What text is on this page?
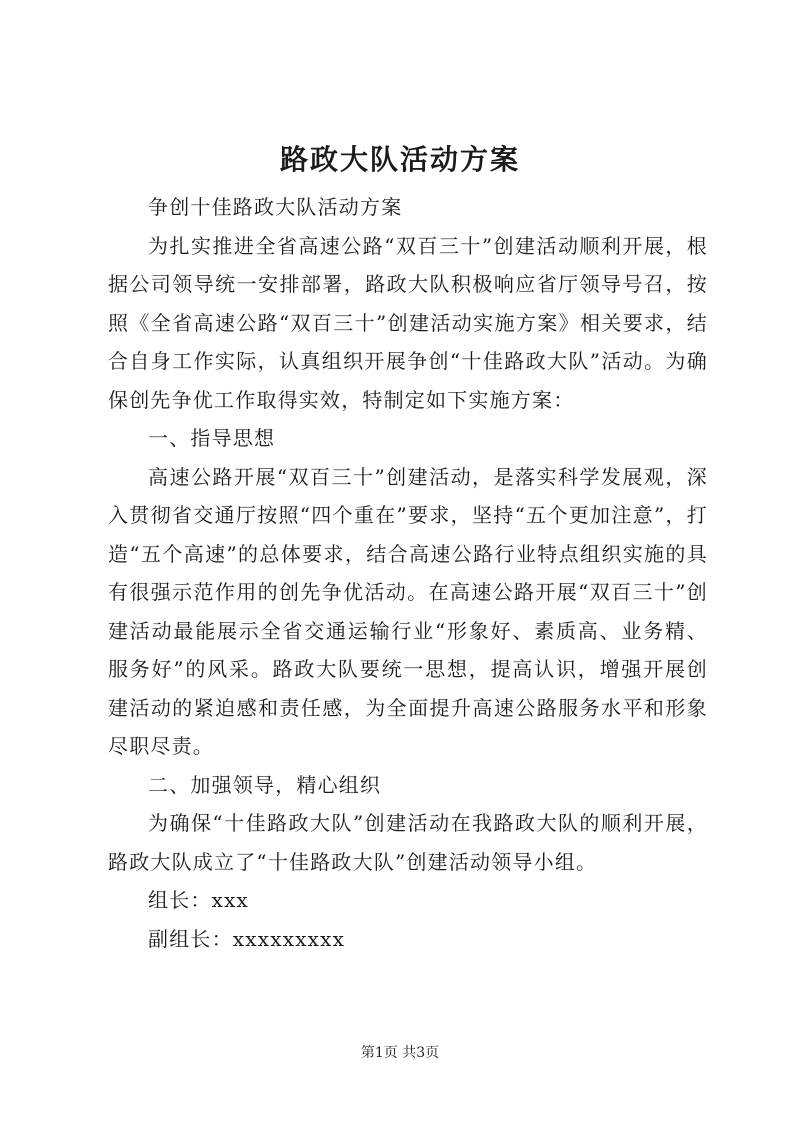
路政大队活动方案

争创十佳路政大队活动方案

为扎实推进全省高速公路“双百三十”创建活动顺利开展，根据公司领导统一安排部署，路政大队积极响应省厅领导号召，按照《全省高速公路“双百三十”创建活动实施方案》相关要求，结合自身工作实际，认真组织开展争创“十佳路政大队”活动。为确保创先争优工作取得实效，特制定如下实施方案：

一、指导思想

高速公路开展“双百三十”创建活动，是落实科学发展观，深入贯彻省交通厅按照“四个重在”要求，坚持“五个更加注意”，打造“五个高速”的总体要求，结合高速公路行业特点组织实施的具有很强示范作用的创先争优活动。在高速公路开展“双百三十”创建活动最能展示全省交通运输行业“形象好、素质高、业务精、服务好”的风采。路政大队要统一思想，提高认识，增强开展创建活动的紧迫感和责任感，为全面提升高速公路服务水平和形象尽职尽责。

二、加强领导，精心组织

为确保“十佳路政大队”创建活动在我路政大队的顺利开展，路政大队成立了“十佳路政大队”创建活动领导小组。

组长：xxx

副组长：xxxxxxxxx

第1页 共3页
